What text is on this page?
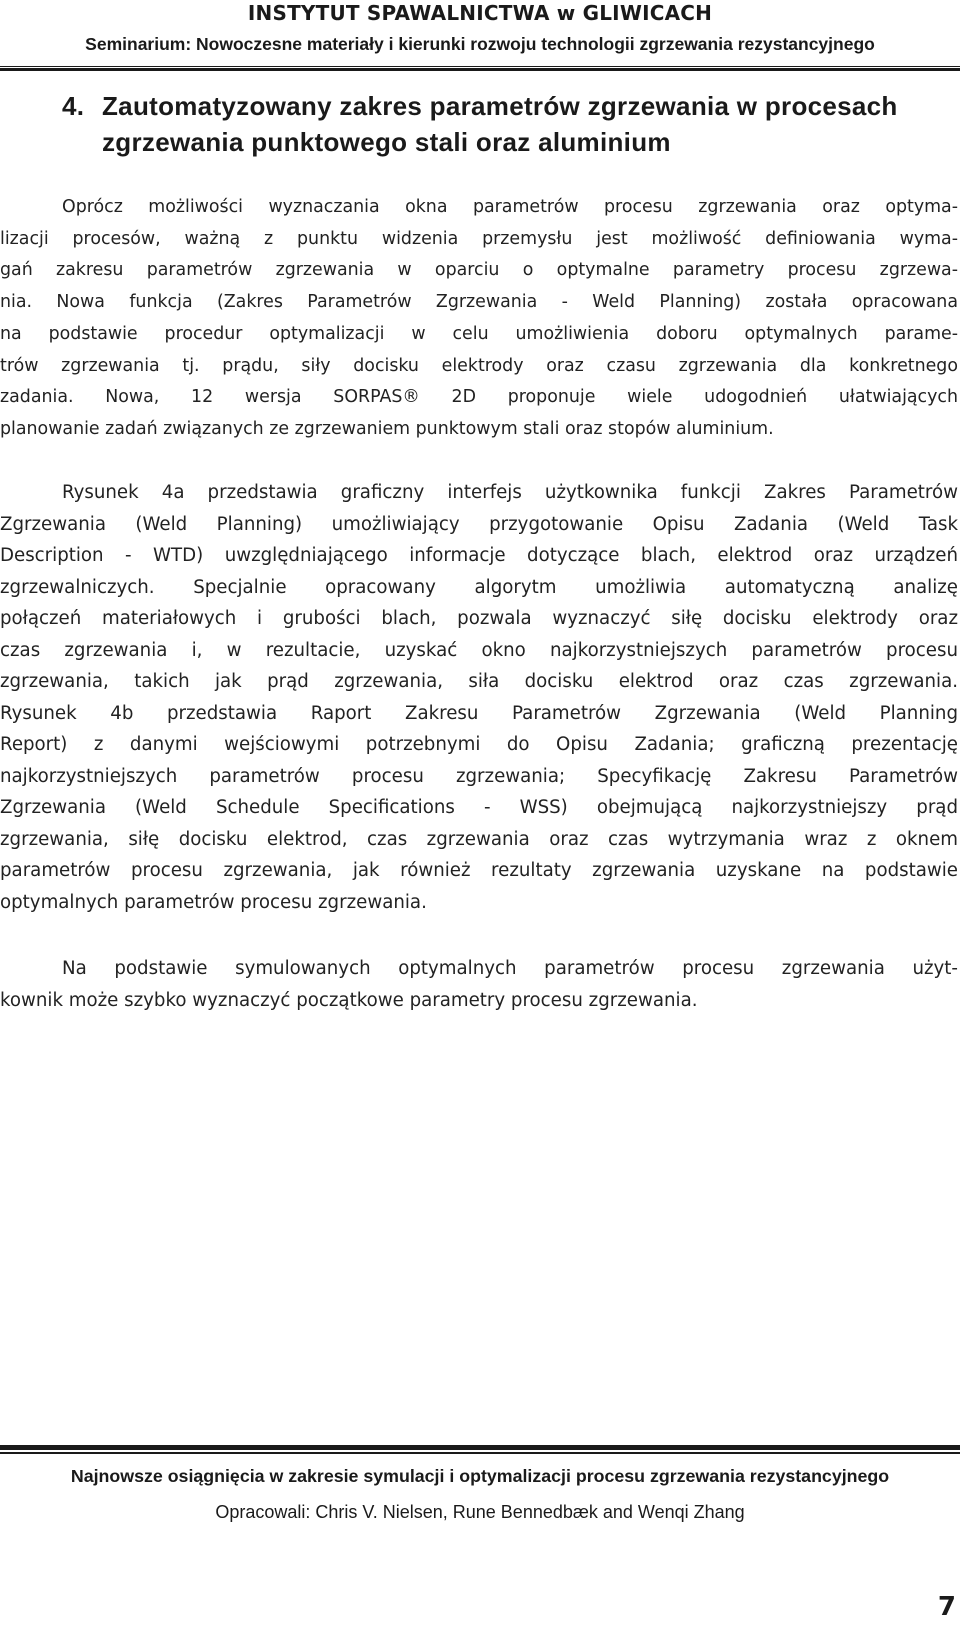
INSTYTUT SPAWALNICTWA w GLIWICACH
Seminarium: Nowoczesne materiały i kierunki rozwoju technologii zgrzewania rezystancyjnego
4. Zautomatyzowany zakres parametrów zgrzewania w procesach
zgrzewania punktowego stali oraz aluminium
Oprócz możliwości wyznaczania okna parametrów procesu zgrzewania oraz optyma-
lizacji procesów, ważną z punktu widzenia przemysłu jest możliwość definiowania wyma-
gań zakresu parametrów zgrzewania w oparciu o optymalne parametry procesu zgrzewa-
nia. Nowa funkcja (Zakres Parametrów Zgrzewania - Weld Planning) została opracowana
na podstawie procedur optymalizacji w celu umożliwienia doboru optymalnych parame-
trów zgrzewania tj. prądu, siły docisku elektrody oraz czasu zgrzewania dla konkretnego
zadania. Nowa, 12 wersja SORPAS® 2D proponuje wiele udogodnień ułatwiających
planowanie zadań związanych ze zgrzewaniem punktowym stali oraz stopów aluminium.
Rysunek 4a przedstawia graficzny interfejs użytkownika funkcji Zakres Parametrów
Zgrzewania (Weld Planning) umożliwiający przygotowanie Opisu Zadania (Weld Task
Description - WTD) uwzględniającego informacje dotyczące blach, elektrod oraz urządzeń
zgrzewalniczych. Specjalnie opracowany algorytm umożliwia automatyczną analizę
połączeń materiałowych i grubości blach, pozwala wyznaczyć siłę docisku elektrody oraz
czas zgrzewania i, w rezultacie, uzyskać okno najkorzystniejszych parametrów procesu
zgrzewania, takich jak prąd zgrzewania, siła docisku elektrod oraz czas zgrzewania.
Rysunek 4b przedstawia Raport Zakresu Parametrów Zgrzewania (Weld Planning
Report) z danymi wejściowymi potrzebnymi do Opisu Zadania; graficzną prezentację
najkorzystniejszych parametrów procesu zgrzewania; Specyfikację Zakresu Parametrów
Zgrzewania (Weld Schedule Specifications - WSS) obejmującą najkorzystniejszy prąd
zgrzewania, siłę docisku elektrod, czas zgrzewania oraz czas wytrzymania wraz z oknem
parametrów procesu zgrzewania, jak również rezultaty zgrzewania uzyskane na podstawie
optymalnych parametrów procesu zgrzewania.
Na podstawie symulowanych optymalnych parametrów procesu zgrzewania użyt-
kownik może szybko wyznaczyć początkowe parametry procesu zgrzewania.
Najnowsze osiągnięcia w zakresie symulacji i optymalizacji procesu zgrzewania rezystancyjnego
Opracowali: Chris V. Nielsen, Rune Bennedbæk and Wenqi Zhang
7
